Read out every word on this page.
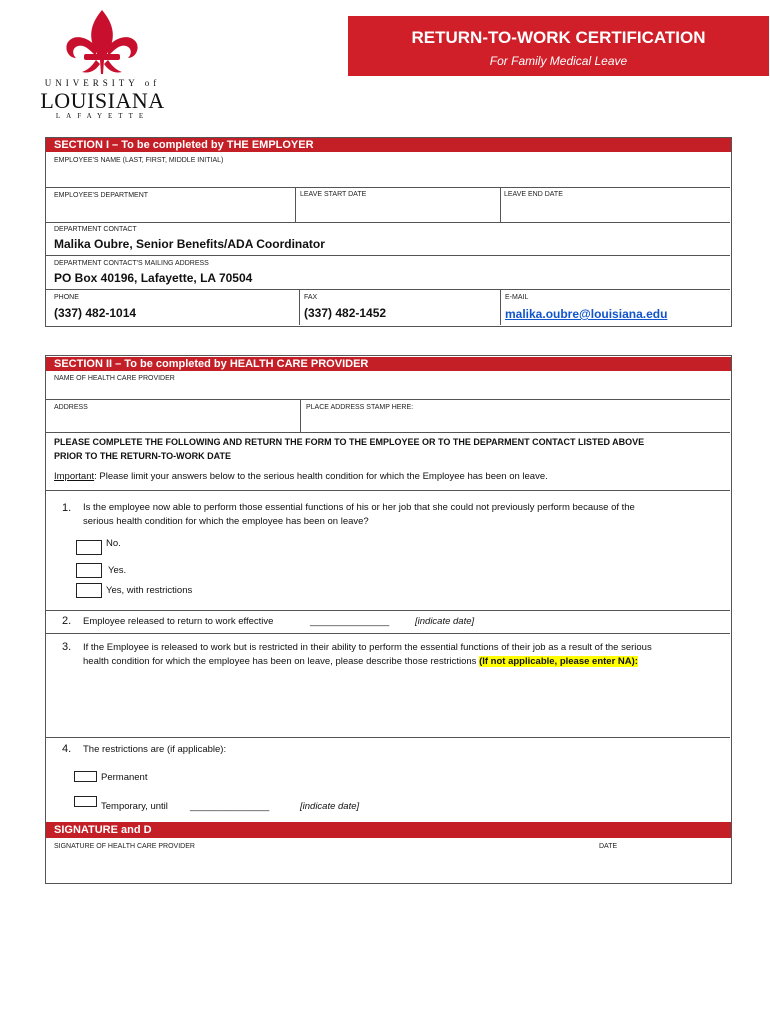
UNIVERSITY of
LOUISIANA
LAFAYETTE
RETURN-TO-WORK CERTIFICATION
For Family Medical Leave
SECTION I – To be completed by THE EMPLOYER
EMPLOYEE'S NAME (LAST, FIRST, MIDDLE INITIAL)
EMPLOYEE'S DEPARTMENT	LEAVE START DATE	LEAVE END DATE
DEPARTMENT CONTACT
Malika Oubre, Senior Benefits/ADA Coordinator
DEPARTMENT CONTACT'S MAILING ADDRESS
PO Box 40196, Lafayette, LA 70504
PHONE
(337) 482-1014
FAX
(337) 482-1452
E-MAIL
malika.oubre@louisiana.edu
SECTION II – To be completed by HEALTH CARE PROVIDER
NAME OF HEALTH CARE PROVIDER
ADDRESS	PLACE ADDRESS STAMP HERE:
PLEASE COMPLETE THE FOLLOWING AND RETURN THE FORM TO THE EMPLOYEE OR TO THE DEPARMENT CONTACT LISTED ABOVE
PRIOR TO THE RETURN-TO-WORK DATE
Important: Please limit your answers below to the serious health condition for which the Employee has been on leave.
1. Is the employee now able to perform those essential functions of his or her job that she could not previously perform because of the
serious health condition for which the employee has been on leave?
No.
Yes.
Yes, with restrictions
2. Employee released to return to work effective	_______________	[indicate date]
3. If the Employee is released to work but is restricted in their ability to perform the essential functions of their job as a result of the serious
health condition for which the employee has been on leave, please describe those restrictions (If not applicable, please enter NA):
4. The restrictions are (if applicable):
Permanent
Temporary, until _______________	[indicate date]
SIGNATURE and D
SIGNATURE OF HEALTH CARE PROVIDER	DATE
